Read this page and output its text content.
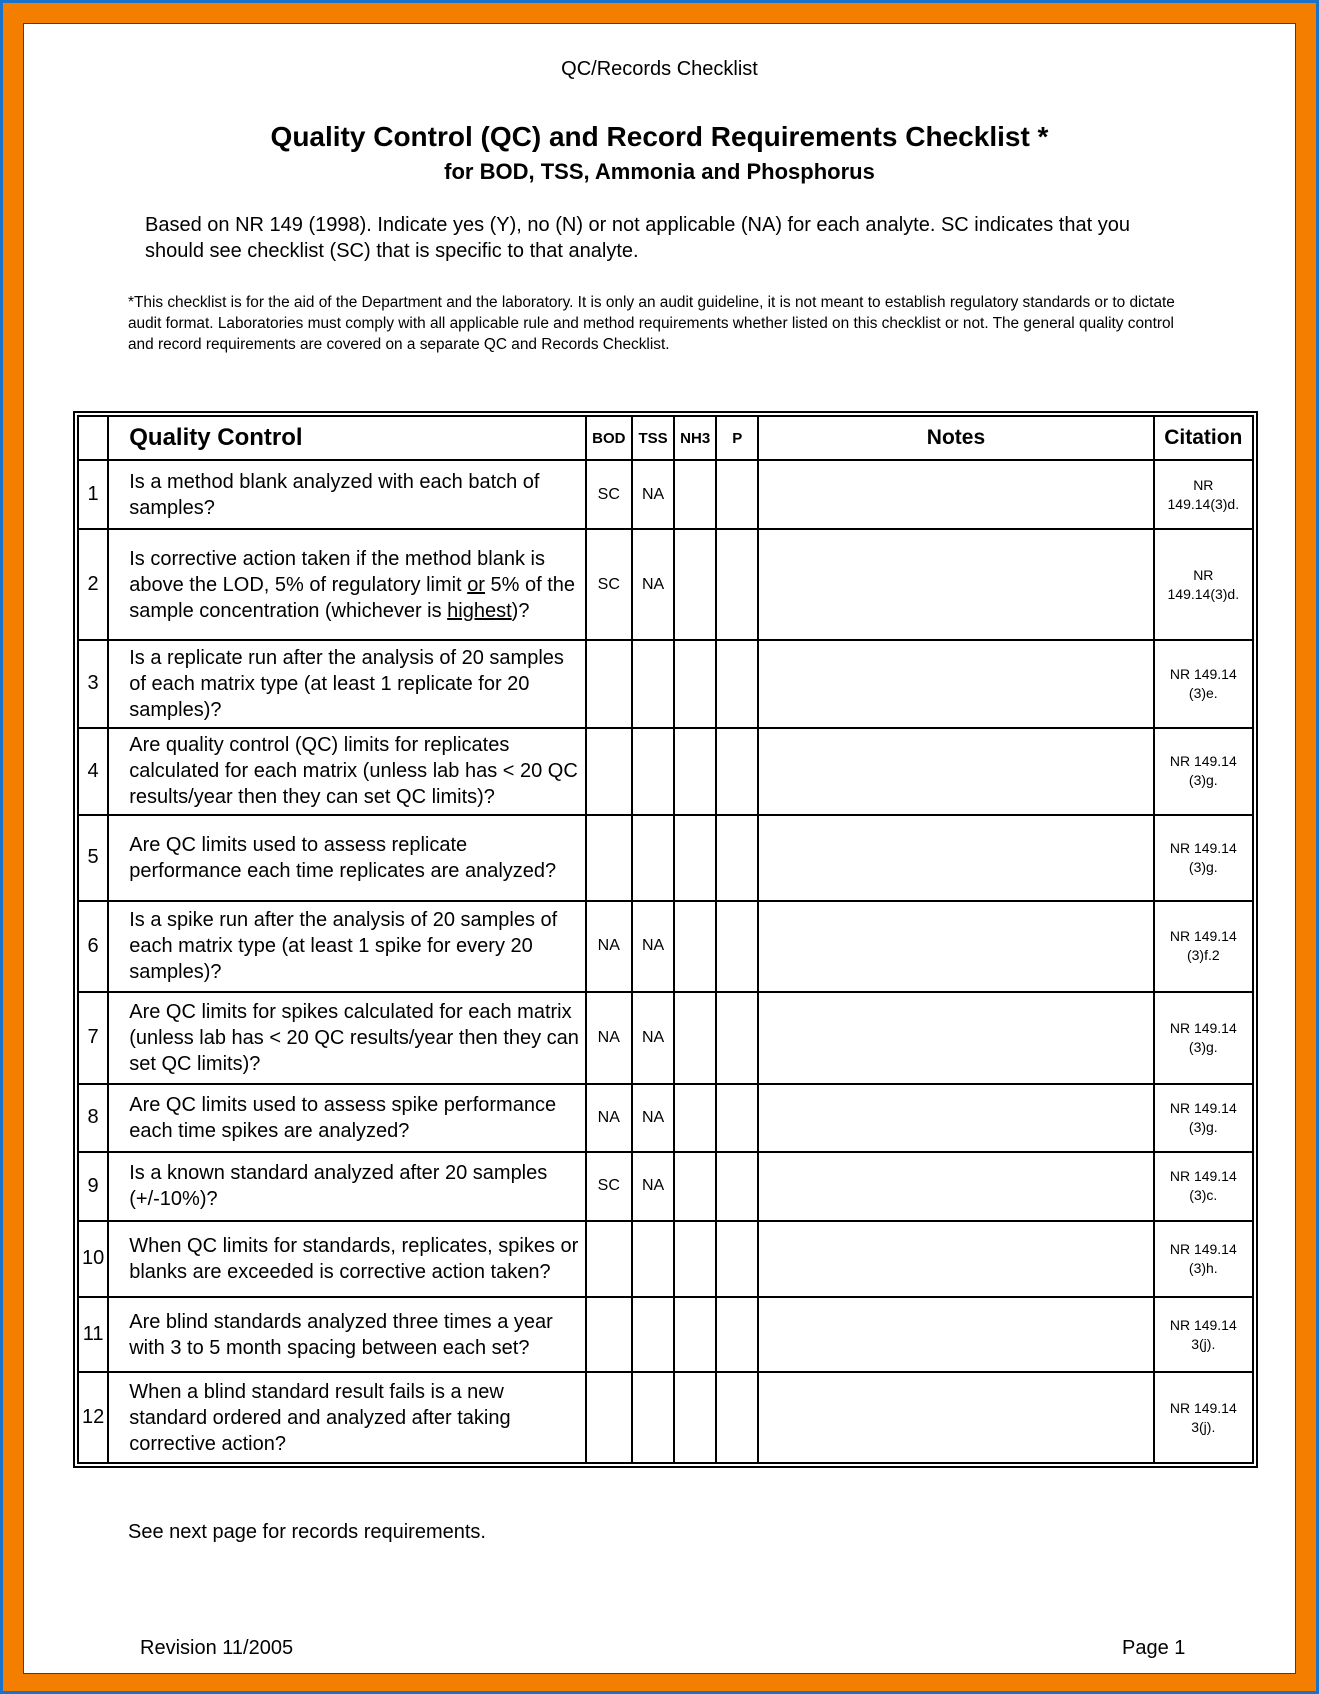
QC/Records Checklist
Quality Control (QC) and Record Requirements Checklist *
for BOD, TSS, Ammonia and Phosphorus
Based on NR 149 (1998). Indicate yes (Y), no (N) or not applicable (NA) for each analyte. SC indicates that you should see checklist (SC) that is specific to that analyte.
*This checklist is for the aid of the Department and the laboratory. It is only an audit guideline, it is not meant to establish regulatory standards or to dictate audit format. Laboratories must comply with all applicable rule and method requirements whether listed on this checklist or not. The general quality control and record requirements are covered on a separate QC and Records Checklist.
	Quality Control	BOD	TSS	NH3	P	Notes	Citation
1	Is a method blank analyzed with each batch of samples?	SC	NA				NR
149.14(3)d.

2	Is corrective action taken if the method blank is above the LOD, 5% of regulatory limit or 5% of the sample concentration (whichever is highest)?	SC	NA				NR
149.14(3)d.

3	Is a replicate run after the analysis of 20 samples of each matrix type (at least 1 replicate for 20 samples)?						NR 149.14
(3)e.

4	Are quality control (QC) limits for replicates calculated for each matrix (unless lab has < 20 QC results/year then they can set QC limits)?						NR 149.14
(3)g.

5	Are QC limits used to assess replicate performance each time replicates are analyzed?						NR 149.14
(3)g.

6	Is a spike run after the analysis of 20 samples of each matrix type (at least 1 spike for every 20 samples)?	NA	NA				NR 149.14
(3)f.2

7	Are QC limits for spikes calculated for each matrix (unless lab has < 20 QC results/year then they can set QC limits)?	NA	NA				NR 149.14
(3)g.

8	Are QC limits used to assess spike performance each time spikes are analyzed?	NA	NA				NR 149.14
(3)g.

9	Is a known standard analyzed after 20 samples (+/-10%)?	SC	NA				NR 149.14
(3)c.

10	When QC limits for standards, replicates, spikes or blanks are exceeded is corrective action taken?						NR 149.14
(3)h.

11	Are blind standards analyzed three times a year with 3 to 5 month spacing between each set?						NR 149.14
3(j).

12	When a blind standard result fails is a new standard ordered and analyzed after taking corrective action?						NR 149.14
3(j).
See next page for records requirements.
Revision 11/2005	Page 1
